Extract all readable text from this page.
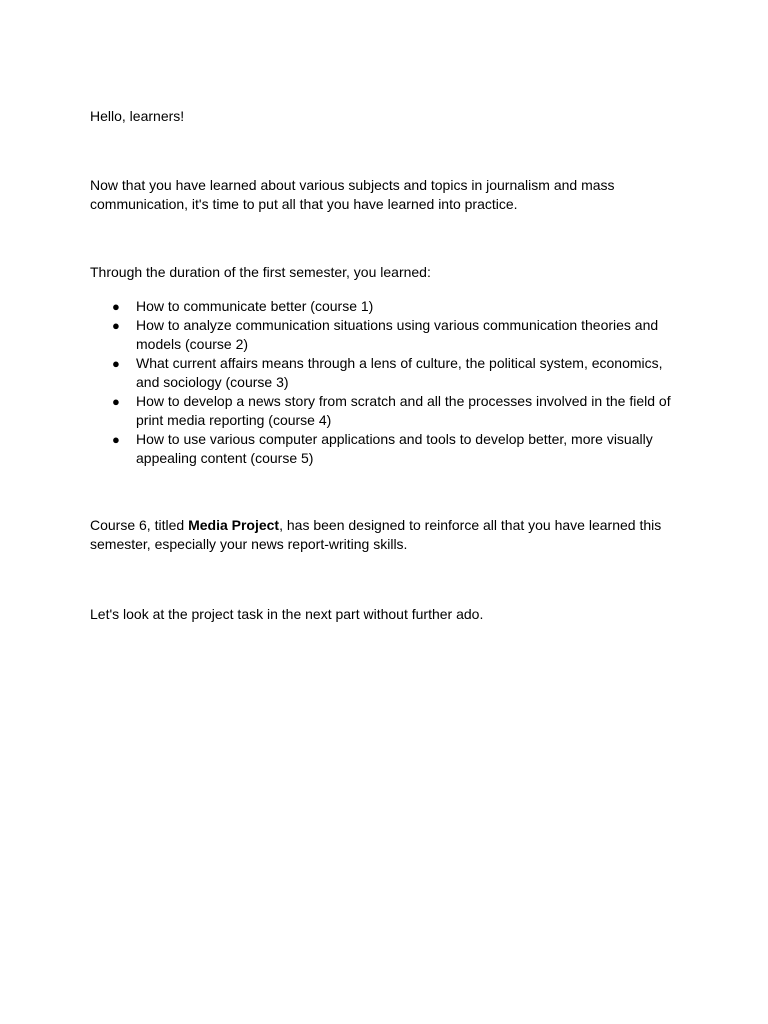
Hello, learners!

Now that you have learned about various subjects and topics in journalism and mass communication, it's time to put all that you have learned into practice.

Through the duration of the first semester, you learned:

● How to communicate better (course 1)
● How to analyze communication situations using various communication theories and models (course 2)
● What current affairs means through a lens of culture, the political system, economics, and sociology (course 3)
● How to develop a news story from scratch and all the processes involved in the field of print media reporting (course 4)
● How to use various computer applications and tools to develop better, more visually appealing content (course 5)

Course 6, titled Media Project, has been designed to reinforce all that you have learned this semester, especially your news report-writing skills.

Let's look at the project task in the next part without further ado.
